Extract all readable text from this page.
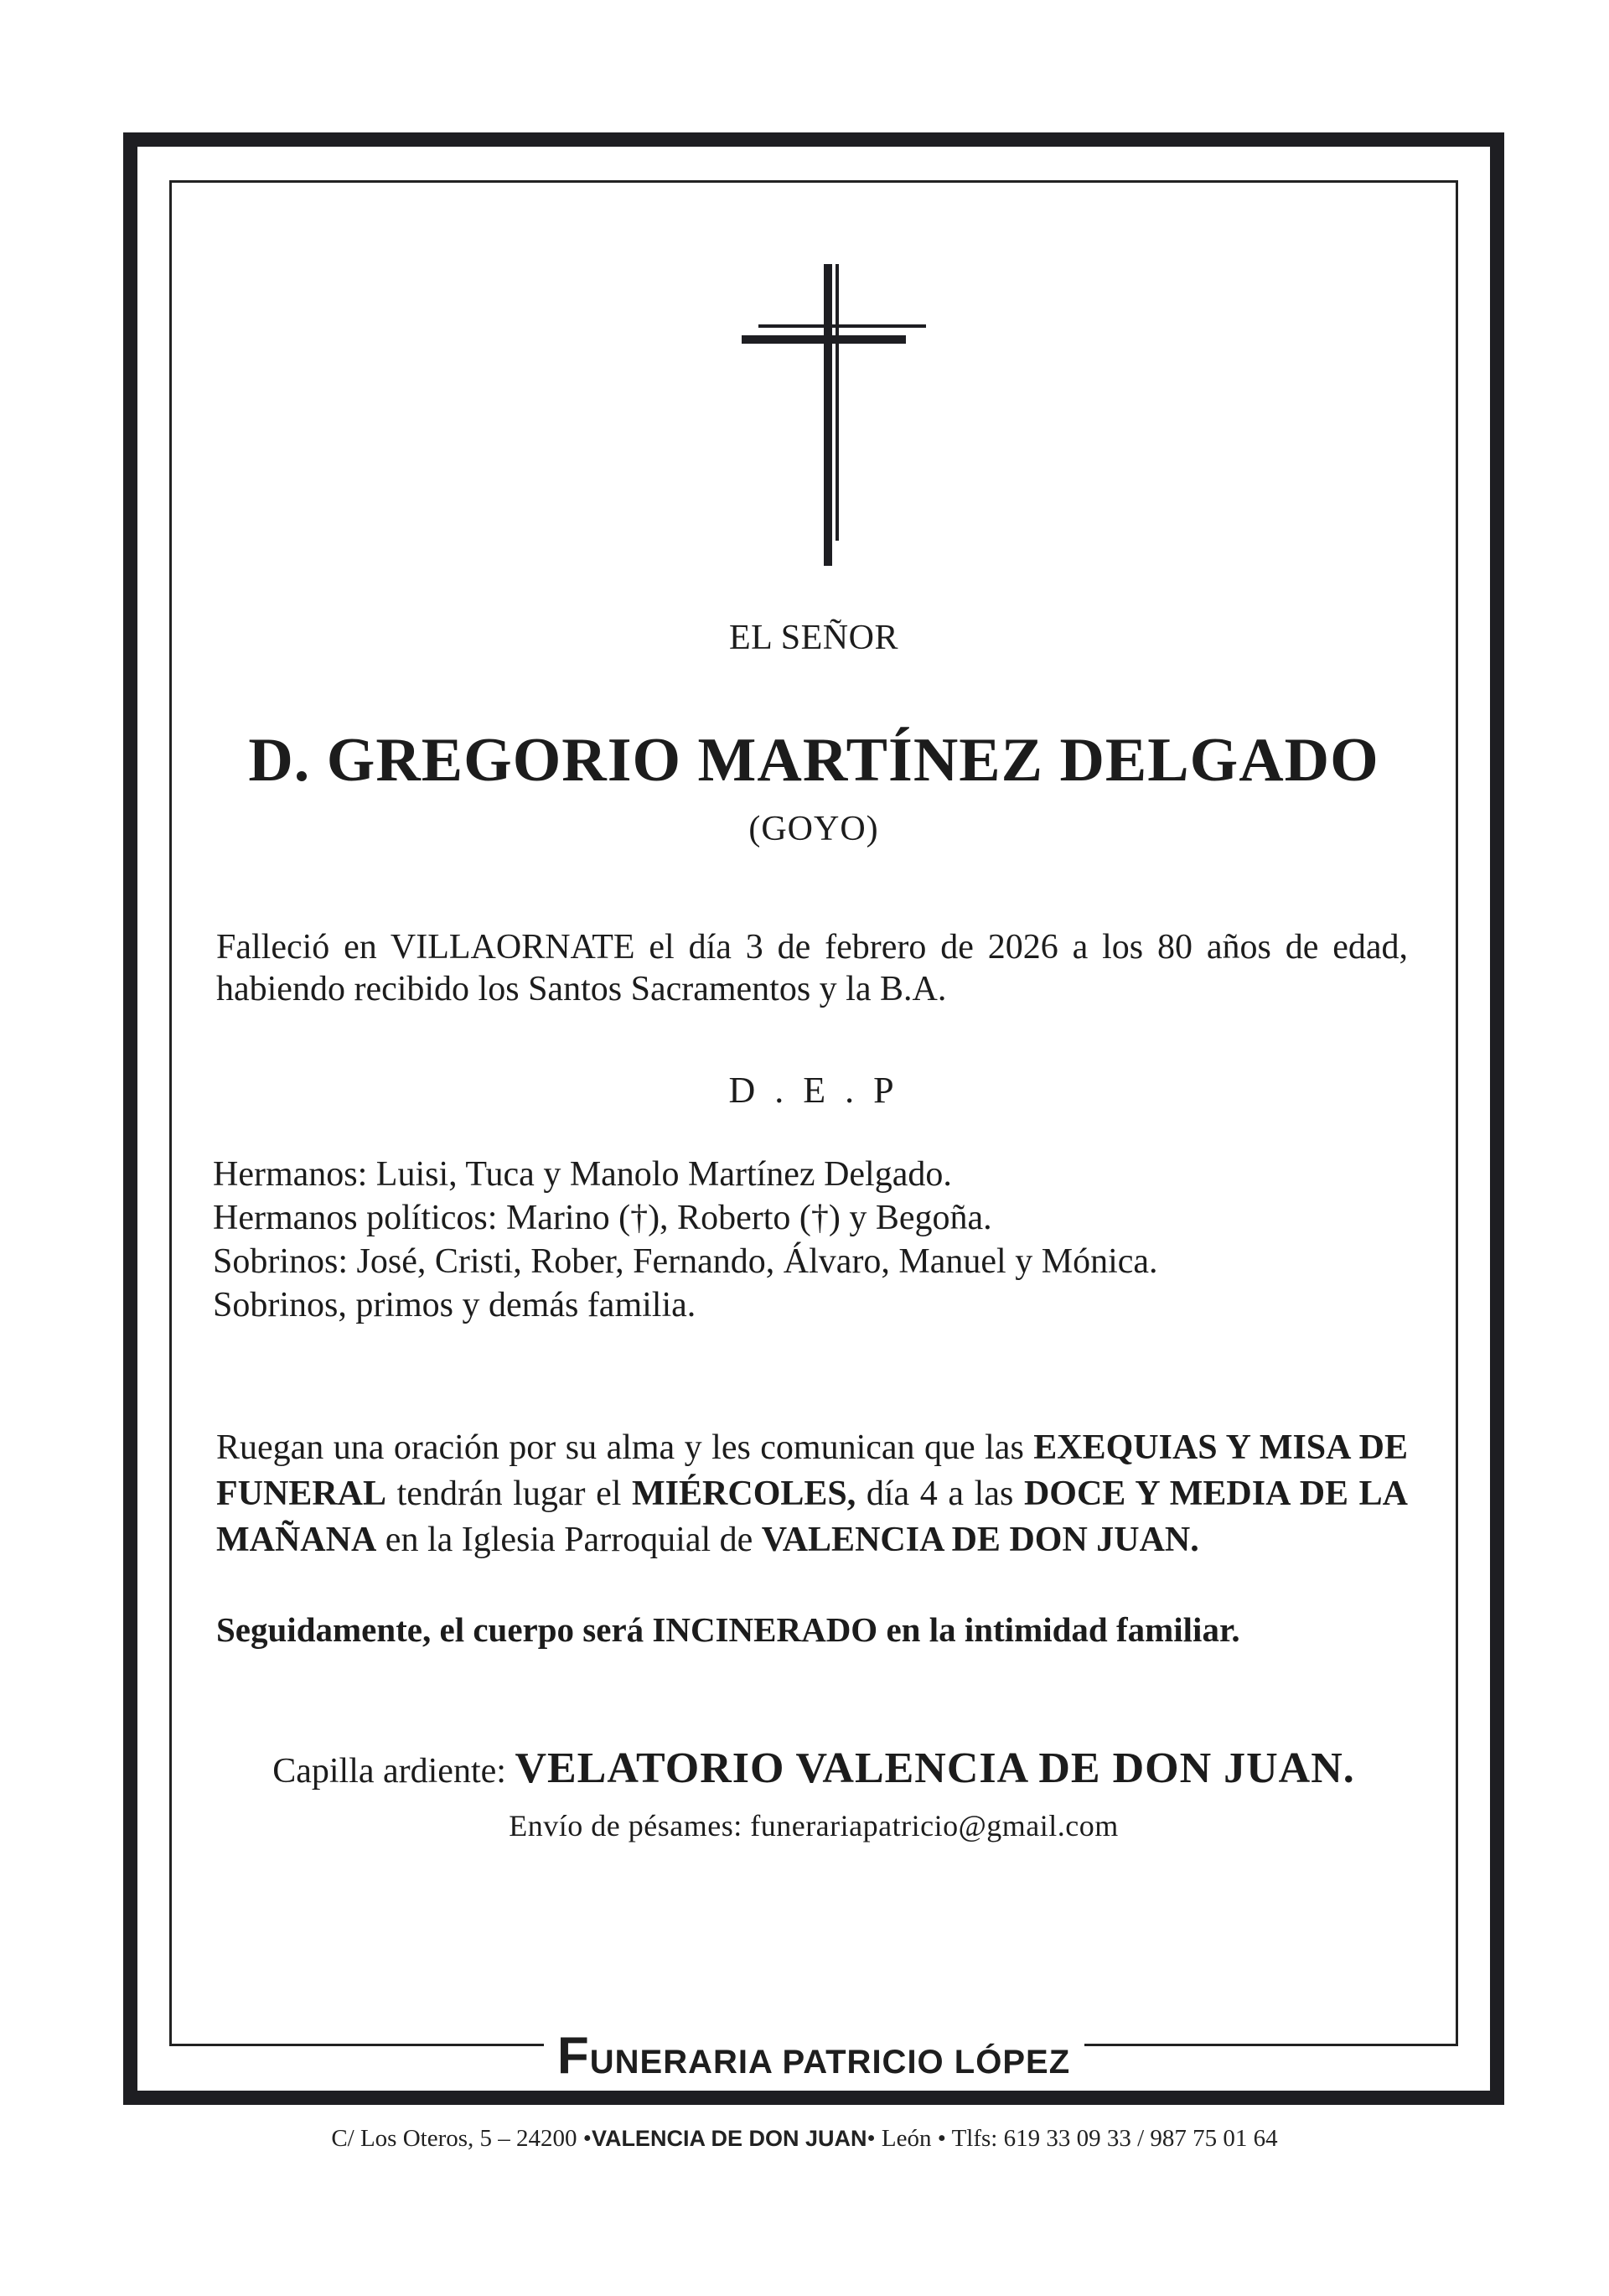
EL SEÑOR
D. GREGORIO MARTÍNEZ DELGADO
(GOYO)
Falleció en VILLAORNATE el día 3 de febrero de 2026 a los 80 años de edad, habiendo recibido los Santos Sacramentos y la B.A.
D . E . P
Hermanos: Luisi, Tuca y Manolo Martínez Delgado.
Hermanos políticos: Marino (†), Roberto (†) y Begoña.
Sobrinos: José, Cristi, Rober, Fernando, Álvaro, Manuel y Mónica.
Sobrinos, primos y demás familia.
Ruegan una oración por su alma y les comunican que las EXEQUIAS Y MISA DE FUNERAL tendrán lugar el MIÉRCOLES, día 4 a las DOCE Y MEDIA DE LA MAÑANA en la Iglesia Parroquial de VALENCIA DE DON JUAN.
Seguidamente, el cuerpo será INCINERADO en la intimidad familiar.
Capilla ardiente: VELATORIO VALENCIA DE DON JUAN.
Envío de pésames: funerariapatricio@gmail.com
FUNERARIA PATRICIO LÓPEZ
C/ Los Oteros, 5 – 24200 •VALENCIA DE DON JUAN• León • Tlfs: 619 33 09 33 / 987 75 01 64
